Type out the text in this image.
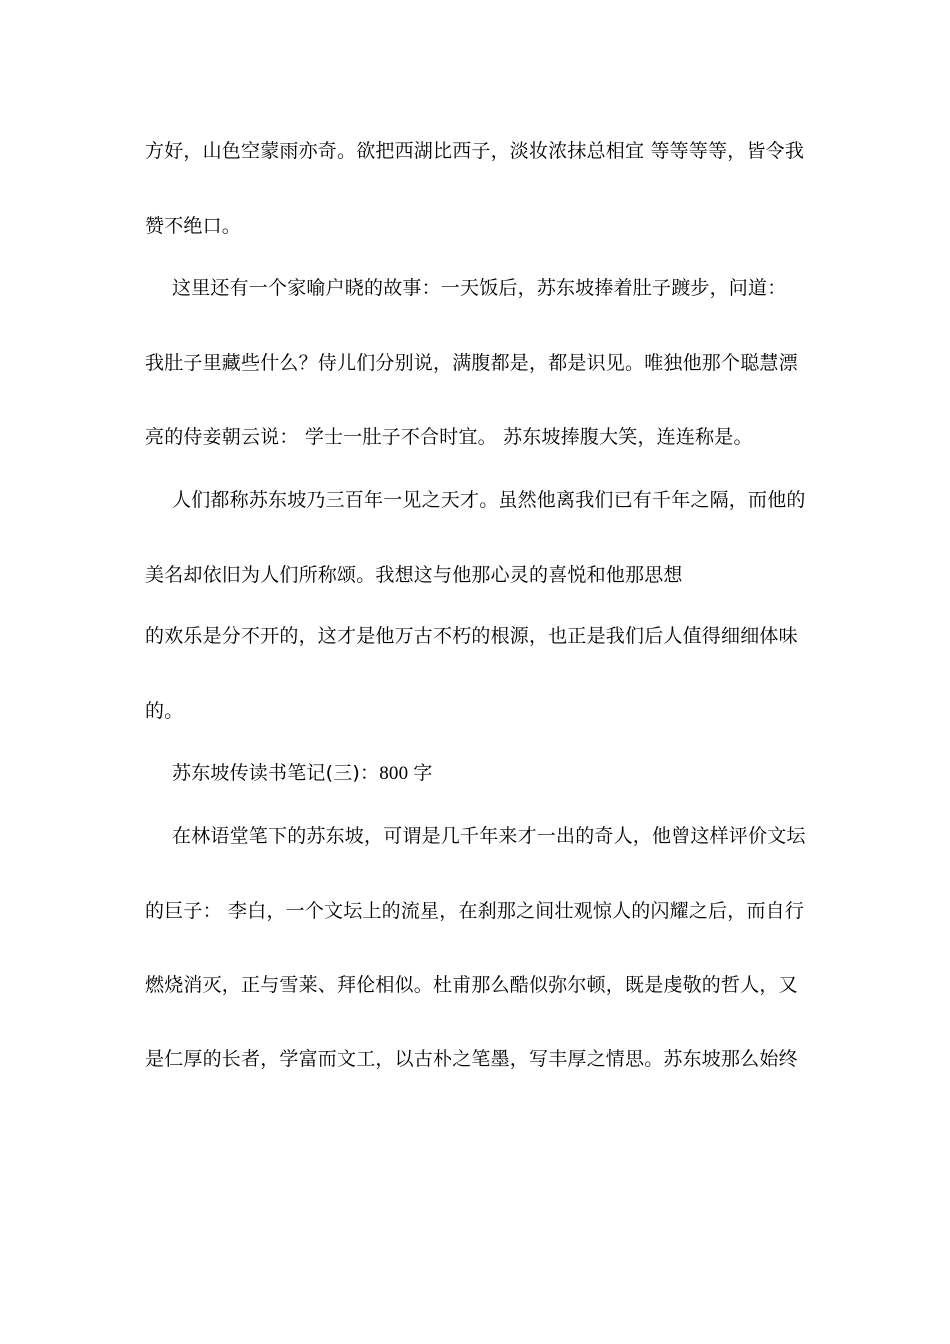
方好，山色空蒙雨亦奇。欲把西湖比西子，淡妆浓抹总相宜 等等等等，皆令我
赞不绝口。
这里还有一个家喻户晓的故事：一天饭后，苏东坡捧着肚子踱步，问道：
我肚子里藏些什么？侍儿们分别说，满腹都是，都是识见。唯独他那个聪慧漂
亮的侍妾朝云说： 学士一肚子不合时宜。 苏东坡捧腹大笑，连连称是。
人们都称苏东坡乃三百年一见之天才。虽然他离我们已有千年之隔，而他的
美名却依旧为人们所称颂。我想这与他那心灵的喜悦和他那思想
的欢乐是分不开的，这才是他万古不朽的根源，也正是我们后人值得细细体味
的。
苏东坡传读书笔记(三)：800 字
在林语堂笔下的苏东坡，可谓是几千年来才一出的奇人，他曾这样评价文坛
的巨子： 李白，一个文坛上的流星，在刹那之间壮观惊人的闪耀之后，而自行
燃烧消灭，正与雪莱、拜伦相似。杜甫那么酷似弥尔顿，既是虔敬的哲人，又
是仁厚的长者，学富而文工，以古朴之笔墨，写丰厚之情思。苏东坡那么始终
